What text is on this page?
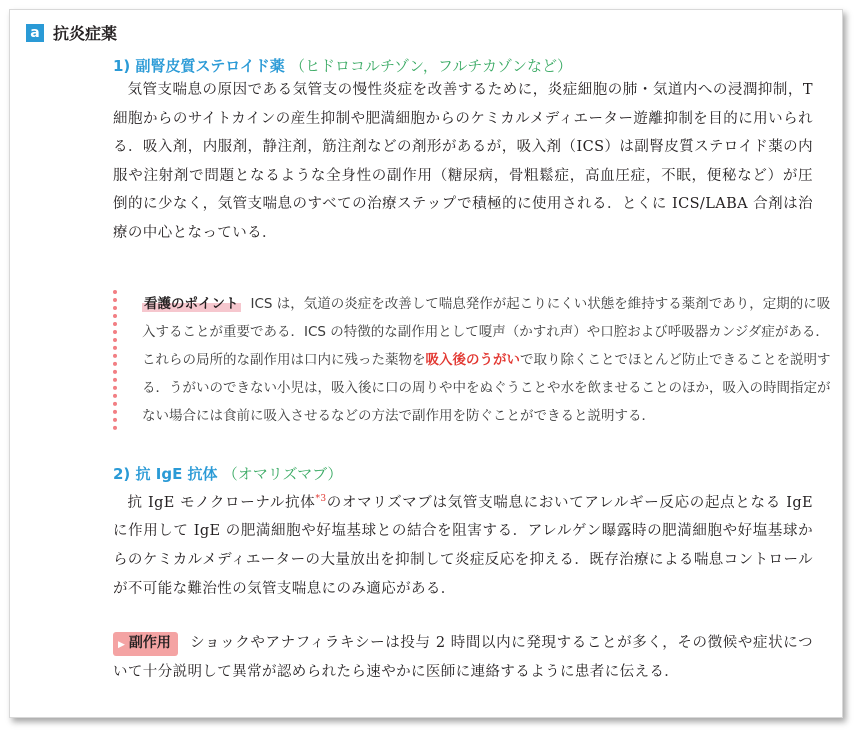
a 抗炎症薬
1) 副腎皮質ステロイド薬 （ヒドロコルチゾン，フルチカゾンなど）
気管支喘息の原因である気管支の慢性炎症を改善するために，炎症細胞の肺・気道内への浸潤抑制，T 細胞からのサイトカインの産生抑制や肥満細胞からのケミカルメディエーター遊離抑制を目的に用いられる．吸入剤，内服剤，静注剤，筋注剤などの剤形があるが，吸入剤（ICS）は副腎皮質ステロイド薬の内服や注射剤で問題となるような全身性の副作用（糖尿病，骨粗鬆症，高血圧症，不眠，便秘など）が圧倒的に少なく，気管支喘息のすべての治療ステップで積極的に使用される．とくに ICS/LABA 合剤は治療の中心となっている．
看護のポイント ICS は，気道の炎症を改善して喘息発作が起こりにくい状態を維持する薬剤であり，定期的に吸入することが重要である．ICS の特徴的な副作用として嗄声（かすれ声）や口腔および呼吸器カンジダ症がある．これらの局所的な副作用は口内に残った薬物を吸入後のうがいで取り除くことでほとんど防止できることを説明する．うがいのできない小児は，吸入後に口の周りや中をぬぐうことや水を飲ませることのほか，吸入の時間指定がない場合には食前に吸入させるなどの方法で副作用を防ぐことができると説明する．
2) 抗 IgE 抗体 （オマリズマブ）
抗 IgE モノクローナル抗体$^{*3}$のオマリズマブは気管支喘息においてアレルギー反応の起点となる IgE に作用して IgE の肥満細胞や好塩基球との結合を阻害する．アレルゲン曝露時の肥満細胞や好塩基球からのケミカルメディエーターの大量放出を抑制して炎症反応を抑える．既存治療による喘息コントロールが不可能な難治性の気管支喘息にのみ適応がある．
▶ 副作用 ショックやアナフィラキシーは投与 2 時間以内に発現することが多く，その徴候や症状について十分説明して異常が認められたら速やかに医師に連絡するように患者に伝える．
